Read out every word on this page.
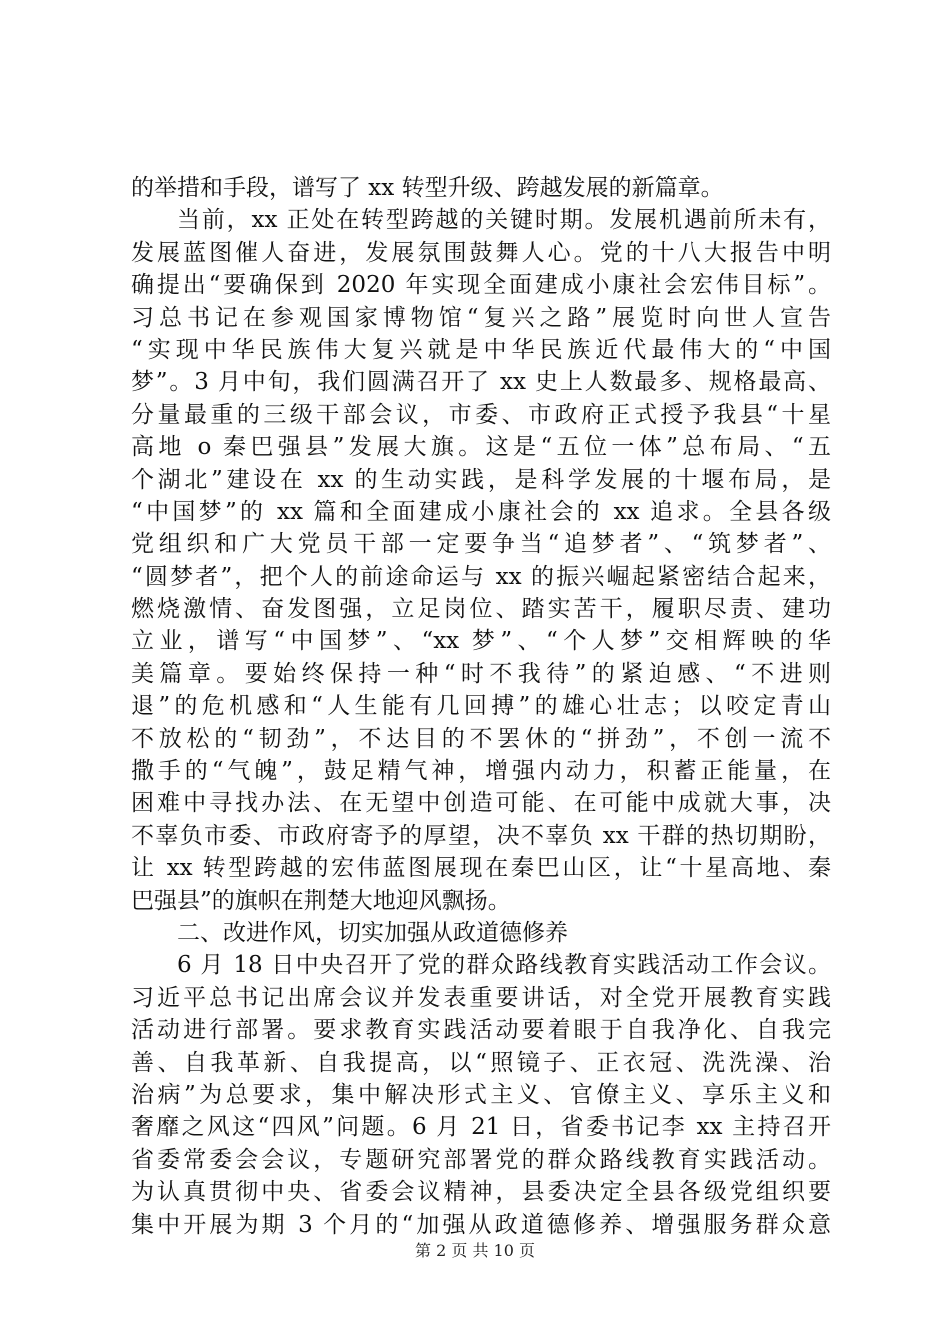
的举措和手段，谱写了 xx 转型升级、跨越发展的新篇章。
当前，xx 正处在转型跨越的关键时期。发展机遇前所未有，
发展蓝图催人奋进，发展氛围鼓舞人心。党的十八大报告中明
确提出“要确保到 2020 年实现全面建成小康社会宏伟目标”。
习总书记在参观国家博物馆“复兴之路”展览时向世人宣告
“实现中华民族伟大复兴就是中华民族近代最伟大的“中国
梦”。3 月中旬，我们圆满召开了 xx 史上人数最多、规格最高、
分量最重的三级干部会议，市委、市政府正式授予我县“十星
高地 o 秦巴强县”发展大旗。这是“五位一体”总布局、“五
个湖北”建设在 xx 的生动实践，是科学发展的十堰布局，是
“中国梦”的 xx 篇和全面建成小康社会的 xx 追求。全县各级
党组织和广大党员干部一定要争当“追梦者”、“筑梦者”、
“圆梦者”，把个人的前途命运与 xx 的振兴崛起紧密结合起来，
燃烧激情、奋发图强，立足岗位、踏实苦干，履职尽责、建功
立业，谱写“中国梦”、“xx 梦”、“个人梦”交相辉映的华
美篇章。要始终保持一种“时不我待”的紧迫感、“不进则
退”的危机感和“人生能有几回搏”的雄心壮志；以咬定青山
不放松的“韧劲”，不达目的不罢休的“拼劲”，不创一流不
撒手的“气魄”，鼓足精气神，增强内动力，积蓄正能量，在
困难中寻找办法、在无望中创造可能、在可能中成就大事，决
不辜负市委、市政府寄予的厚望，决不辜负 xx 干群的热切期盼，
让 xx 转型跨越的宏伟蓝图展现在秦巴山区，让“十星高地、秦
巴强县”的旗帜在荆楚大地迎风飘扬。
二、改进作风，切实加强从政道德修养
6 月 18 日中央召开了党的群众路线教育实践活动工作会议。
习近平总书记出席会议并发表重要讲话，对全党开展教育实践
活动进行部署。要求教育实践活动要着眼于自我净化、自我完
善、自我革新、自我提高，以“照镜子、正衣冠、洗洗澡、治
治病”为总要求，集中解决形式主义、官僚主义、享乐主义和
奢靡之风这“四风”问题。6 月 21 日，省委书记李 xx 主持召开
省委常委会会议，专题研究部署党的群众路线教育实践活动。
为认真贯彻中央、省委会议精神，县委决定全县各级党组织要
集中开展为期 3 个月的“加强从政道德修养、增强服务群众意
第 2 页 共 10 页
